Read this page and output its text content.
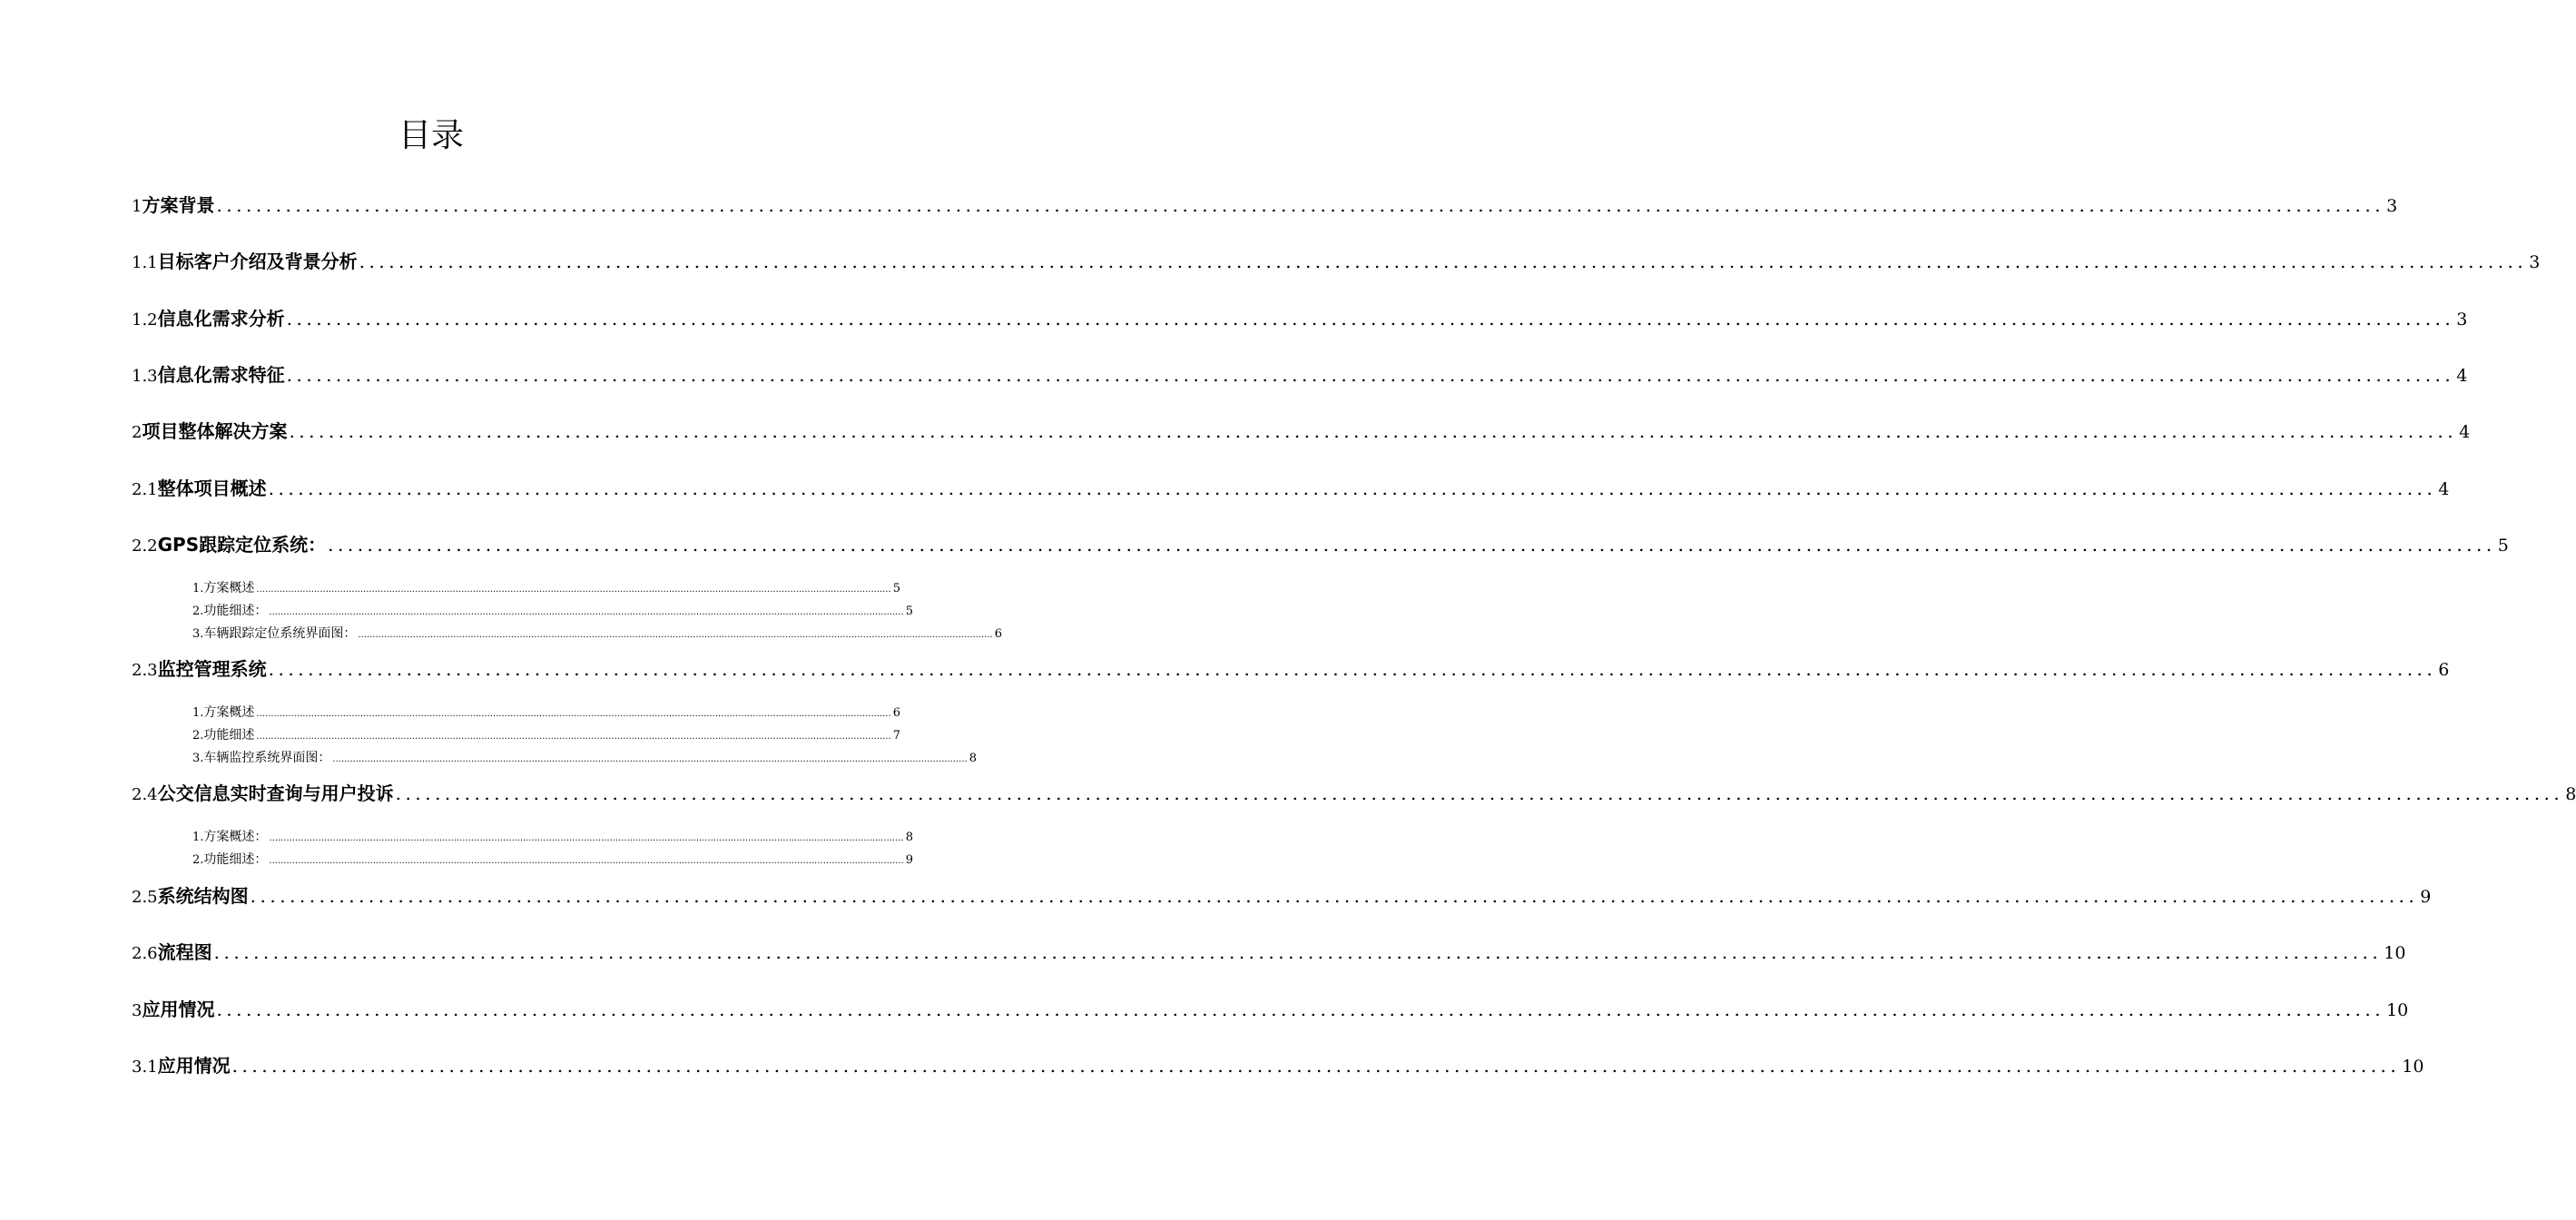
目录
1 方案背景 ............................................................................................................................................................................................................................ 3
1.1 目标客户介绍及背景分析 ............................................................................................................................................................................................................................ 3
1.2 信息化需求分析 ............................................................................................................................................................................................................................ 3
1.3 信息化需求特征 ............................................................................................................................................................................................................................ 4
2 项目整体解决方案 ............................................................................................................................................................................................................................ 4
2.1 整体项目概述 ............................................................................................................................................................................................................................ 4
2.2 GPS跟踪定位系统： ............................................................................................................................................................................................................................ 5
1. 方案概述 ............................................................................................................................................................................................................................ 5
2. 功能细述： ............................................................................................................................................................................................................................ 5
3. 车辆跟踪定位系统界面图： ............................................................................................................................................................................................................................ 6
2.3 监控管理系统 ............................................................................................................................................................................................................................ 6
1. 方案概述 ............................................................................................................................................................................................................................ 6
2. 功能细述 ............................................................................................................................................................................................................................ 7
3. 车辆监控系统界面图： ............................................................................................................................................................................................................................ 8
2.4 公交信息实时查询与用户投诉 ............................................................................................................................................................................................................................ 8
1. 方案概述： ............................................................................................................................................................................................................................ 8
2. 功能细述： ............................................................................................................................................................................................................................ 9
2.5 系统结构图 ............................................................................................................................................................................................................................ 9
2.6 流程图 ............................................................................................................................................................................................................................ 10
3 应用情况 ............................................................................................................................................................................................................................ 10
3.1 应用情况 ............................................................................................................................................................................................................................ 10
